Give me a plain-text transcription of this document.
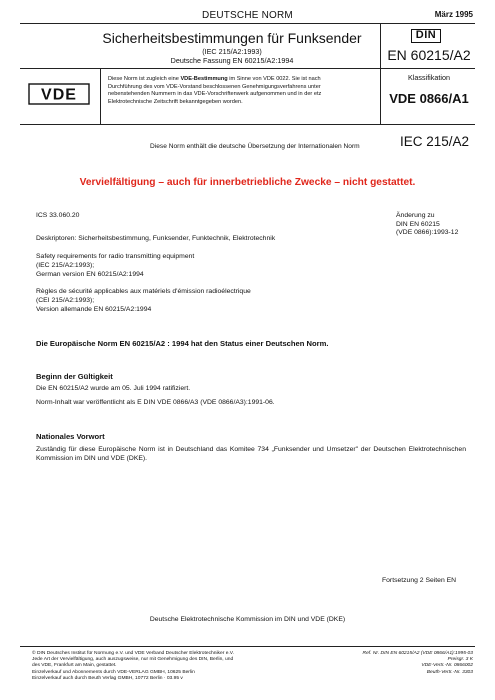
DEUTSCHE NORM	März 1995
Sicherheitsbestimmungen für Funksender
(IEC 215/A2:1993)
Deutsche Fassung EN 60215/A2:1994
DIN
EN 60215/A2
VDE
Diese Norm ist zugleich eine VDE-Bestimmung im Sinne von VDE 0022. Sie ist nach
Durchführung des vom VDE-Vorstand beschlossenen Genehmigungsverfahrens unter
nebenstehenden Nummern in das VDE-Vorschriftenwerk aufgenommen und in der etz
Elektrotechnische Zeitschrift bekanntgegeben worden.
Klassifikation
VDE 0866/A1
Diese Norm enthält die deutsche Übersetzung der Internationalen Norm	IEC 215/A2
Vervielfältigung – auch für innerbetriebliche Zwecke – nicht gestattet.
ICS 33.060.20	Änderung zu
DIN EN 60215
(VDE 0866):1993-12
Deskriptoren: Sicherheitsbestimmung, Funksender, Funktechnik, Elektrotechnik
Safety requirements for radio transmitting equipment
(IEC 215/A2:1993);
German version EN 60215/A2:1994
Règles de sécurité applicables aux matériels d'émission radioélectrique
(CEI 215/A2:1993);
Version allemande EN 60215/A2:1994
Die Europäische Norm EN 60215/A2 : 1994 hat den Status einer Deutschen Norm.
Beginn der Gültigkeit
Die EN 60215/A2 wurde am 05. Juli 1994 ratifiziert.
Norm-Inhalt war veröffentlicht als E DIN VDE 0866/A3 (VDE 0866/A3):1991-06.
Nationales Vorwort
Zuständig für diese Europäische Norm ist in Deutschland das Komitee 734 „Funksender und Umsetzer" der Deutschen Elektrotechnischen Kommission im DIN und VDE (DKE).
Fortsetzung 2 Seiten EN
Deutsche Elektrotechnische Kommission im DIN und VDE (DKE)
© DIN Deutsches Institut für Normung e.V. und VDE Verband Deutscher Elektrotechniker e.V.
Jede Art der Vervielfältigung, auch auszugsweise, nur mit Genehmigung des DIN, Berlin, und
des VDE, Frankfurt am Main, gestattet.
Einzelverkauf und Abonnements durch VDE-VERLAG GMBH, 10625 Berlin
Einzelverkauf auch durch Beuth Verlag GMBH, 10772 Berlin · 03.95 v
Ref. Nr. DIN EN 60215/A2 (VDE 0866/A1):1995-03
Preisgr. 3 K
VDE-Vertr.-Nr. 0866002
Beuth-Vertr.-Nr. 3303
